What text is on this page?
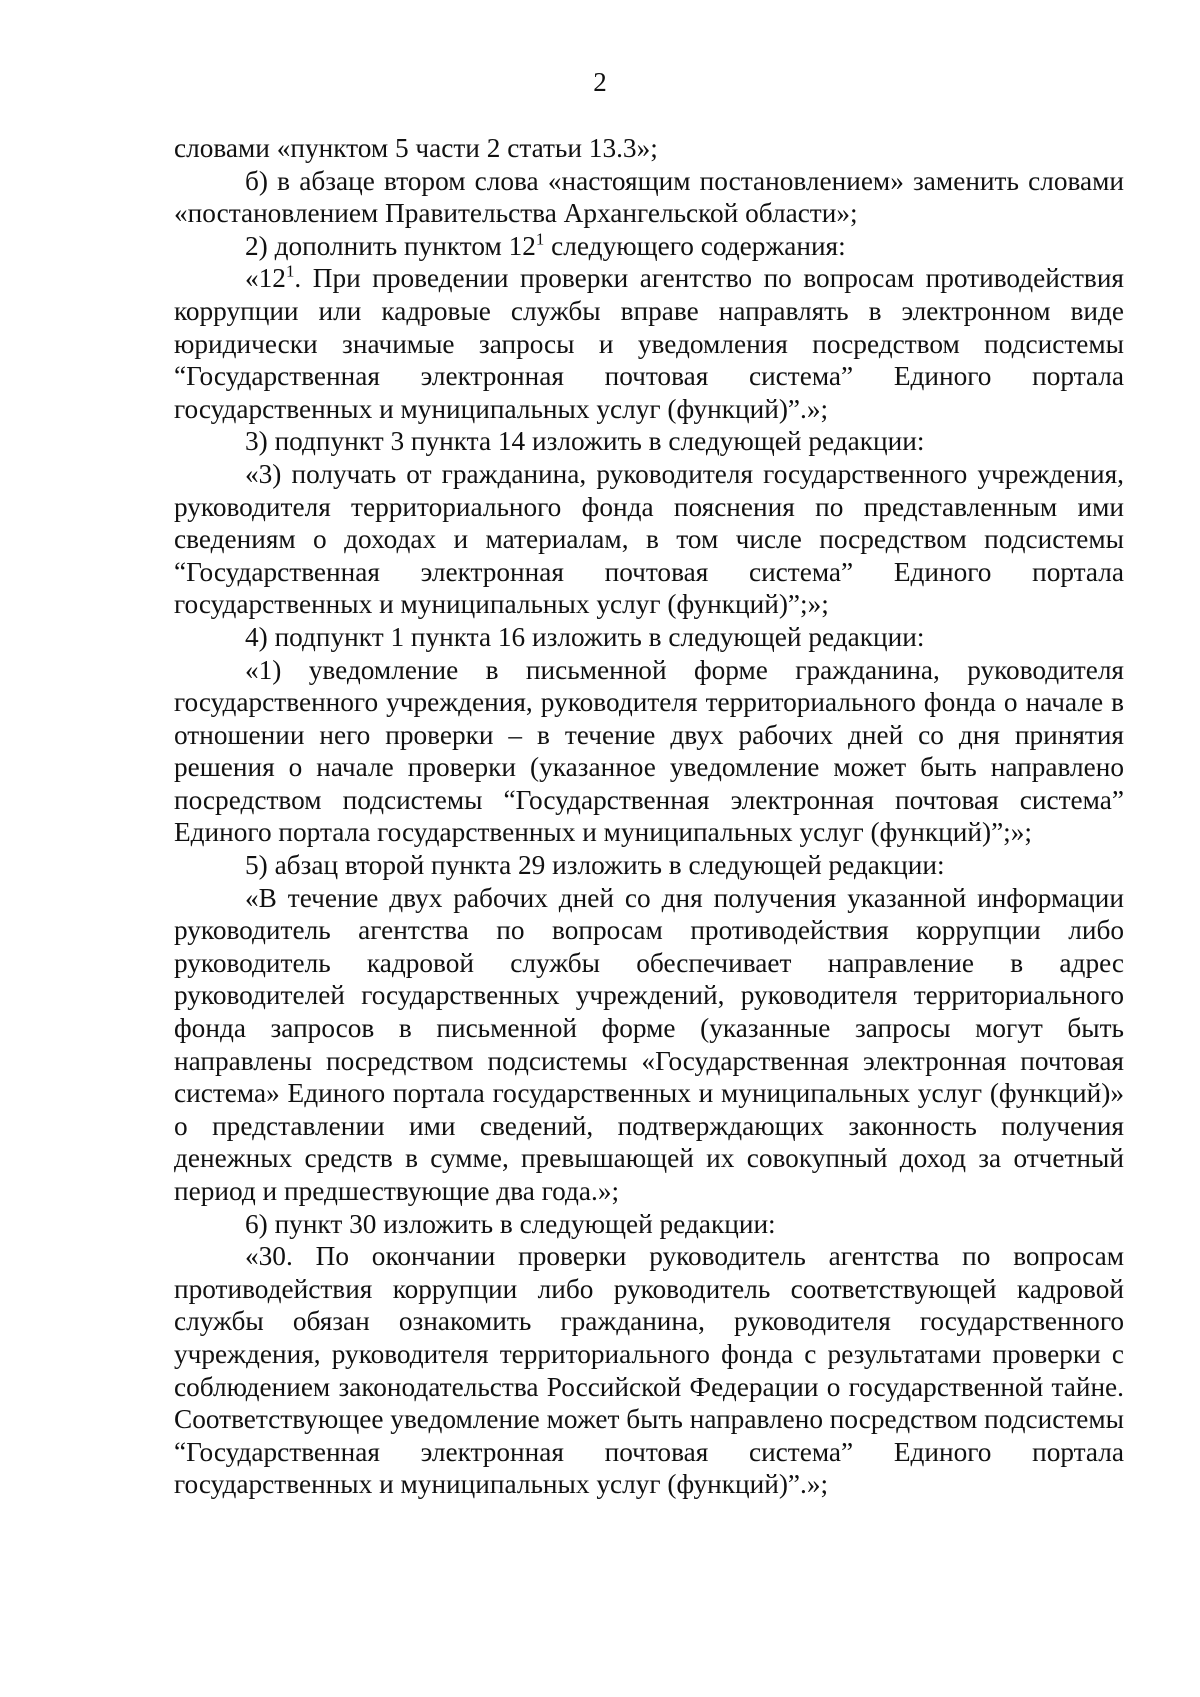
2

словами «пунктом 5 части 2 статьи 13.3»;

б) в абзаце втором слова «настоящим постановлением» заменить словами «постановлением Правительства Архангельской области»;

2) дополнить пунктом $12^1$ следующего содержания:

«$12^1$. При проведении проверки агентство по вопросам противодействия коррупции или кадровые службы вправе направлять в электронном виде юридически значимые запросы и уведомления посредством подсистемы “Государственная электронная почтовая система” Единого портала государственных и муниципальных услуг (функций)”.»;

3) подпункт 3 пункта 14 изложить в следующей редакции:

«3) получать от гражданина, руководителя государственного учреждения, руководителя территориального фонда пояснения по представленным ими сведениям о доходах и материалам, в том числе посредством подсистемы “Государственная электронная почтовая система” Единого портала государственных и муниципальных услуг (функций)”;»;

4) подпункт 1 пункта 16 изложить в следующей редакции:

«1) уведомление в письменной форме гражданина, руководителя государственного учреждения, руководителя территориального фонда о начале в отношении него проверки – в течение двух рабочих дней со дня принятия решения о начале проверки (указанное уведомление может быть направлено посредством подсистемы “Государственная электронная почтовая система” Единого портала государственных и муниципальных услуг (функций)”;»;

5) абзац второй пункта 29 изложить в следующей редакции:

«В течение двух рабочих дней со дня получения указанной информации руководитель агентства по вопросам противодействия коррупции либо руководитель кадровой службы обеспечивает направление в адрес руководителей государственных учреждений, руководителя территориального фонда запросов в письменной форме (указанные запросы могут быть направлены посредством подсистемы «Государственная электронная почтовая система» Единого портала государственных и муниципальных услуг (функций)» о представлении ими сведений, подтверждающих законность получения денежных средств в сумме, превышающей их совокупный доход за отчетный период и предшествующие два года.»;

6) пункт 30 изложить в следующей редакции:

«30. По окончании проверки руководитель агентства по вопросам противодействия коррупции либо руководитель соответствующей кадровой службы обязан ознакомить гражданина, руководителя государственного учреждения, руководителя территориального фонда с результатами проверки с соблюдением законодательства Российской Федерации о государственной тайне. Соответствующее уведомление может быть направлено посредством подсистемы “Государственная электронная почтовая система” Единого портала государственных и муниципальных услуг (функций)”.»;
